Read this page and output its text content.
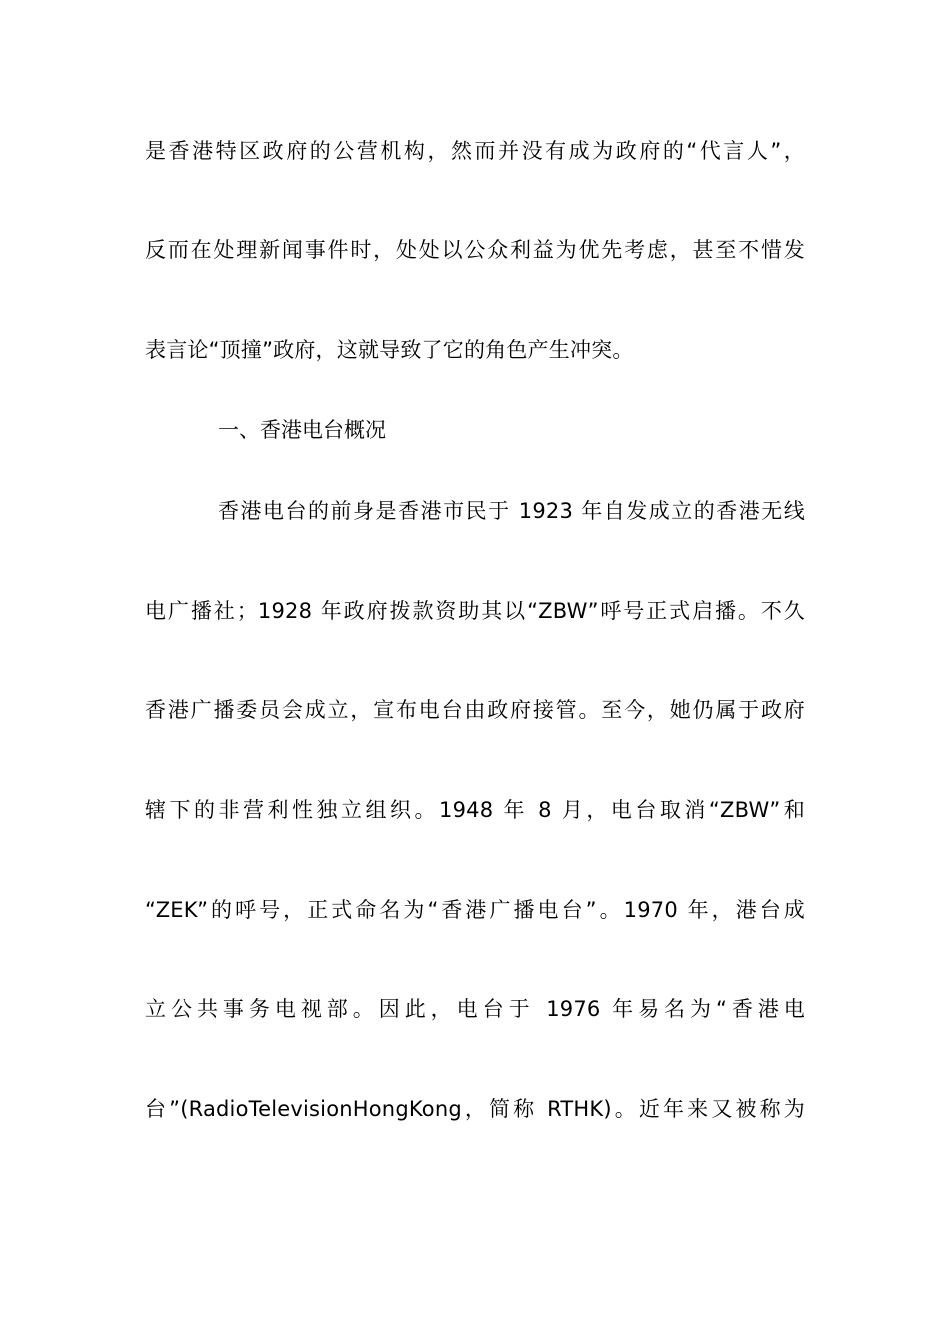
是香港特区政府的公营机构，然而并没有成为政府的“代言人”，
反而在处理新闻事件时，处处以公众利益为优先考虑，甚至不惜发
表言论“顶撞”政府，这就导致了它的角色产生冲突。
一、香港电台概况
香港电台的前身是香港市民于 1923 年自发成立的香港无线
电广播社；1928 年政府拨款资助其以“ZBW”呼号正式启播。不久
香港广播委员会成立，宣布电台由政府接管。至今，她仍属于政府
辖下的非营利性独立组织。1948 年 8 月，电台取消“ZBW”和
“ZEK”的呼号，正式命名为“香港广播电台”。1970 年，港台成
立公共事务电视部。因此，电台于 1976 年易名为“香港电
台”(RadioTelevisionHongKong，简称 RTHK)。近年来又被称为
